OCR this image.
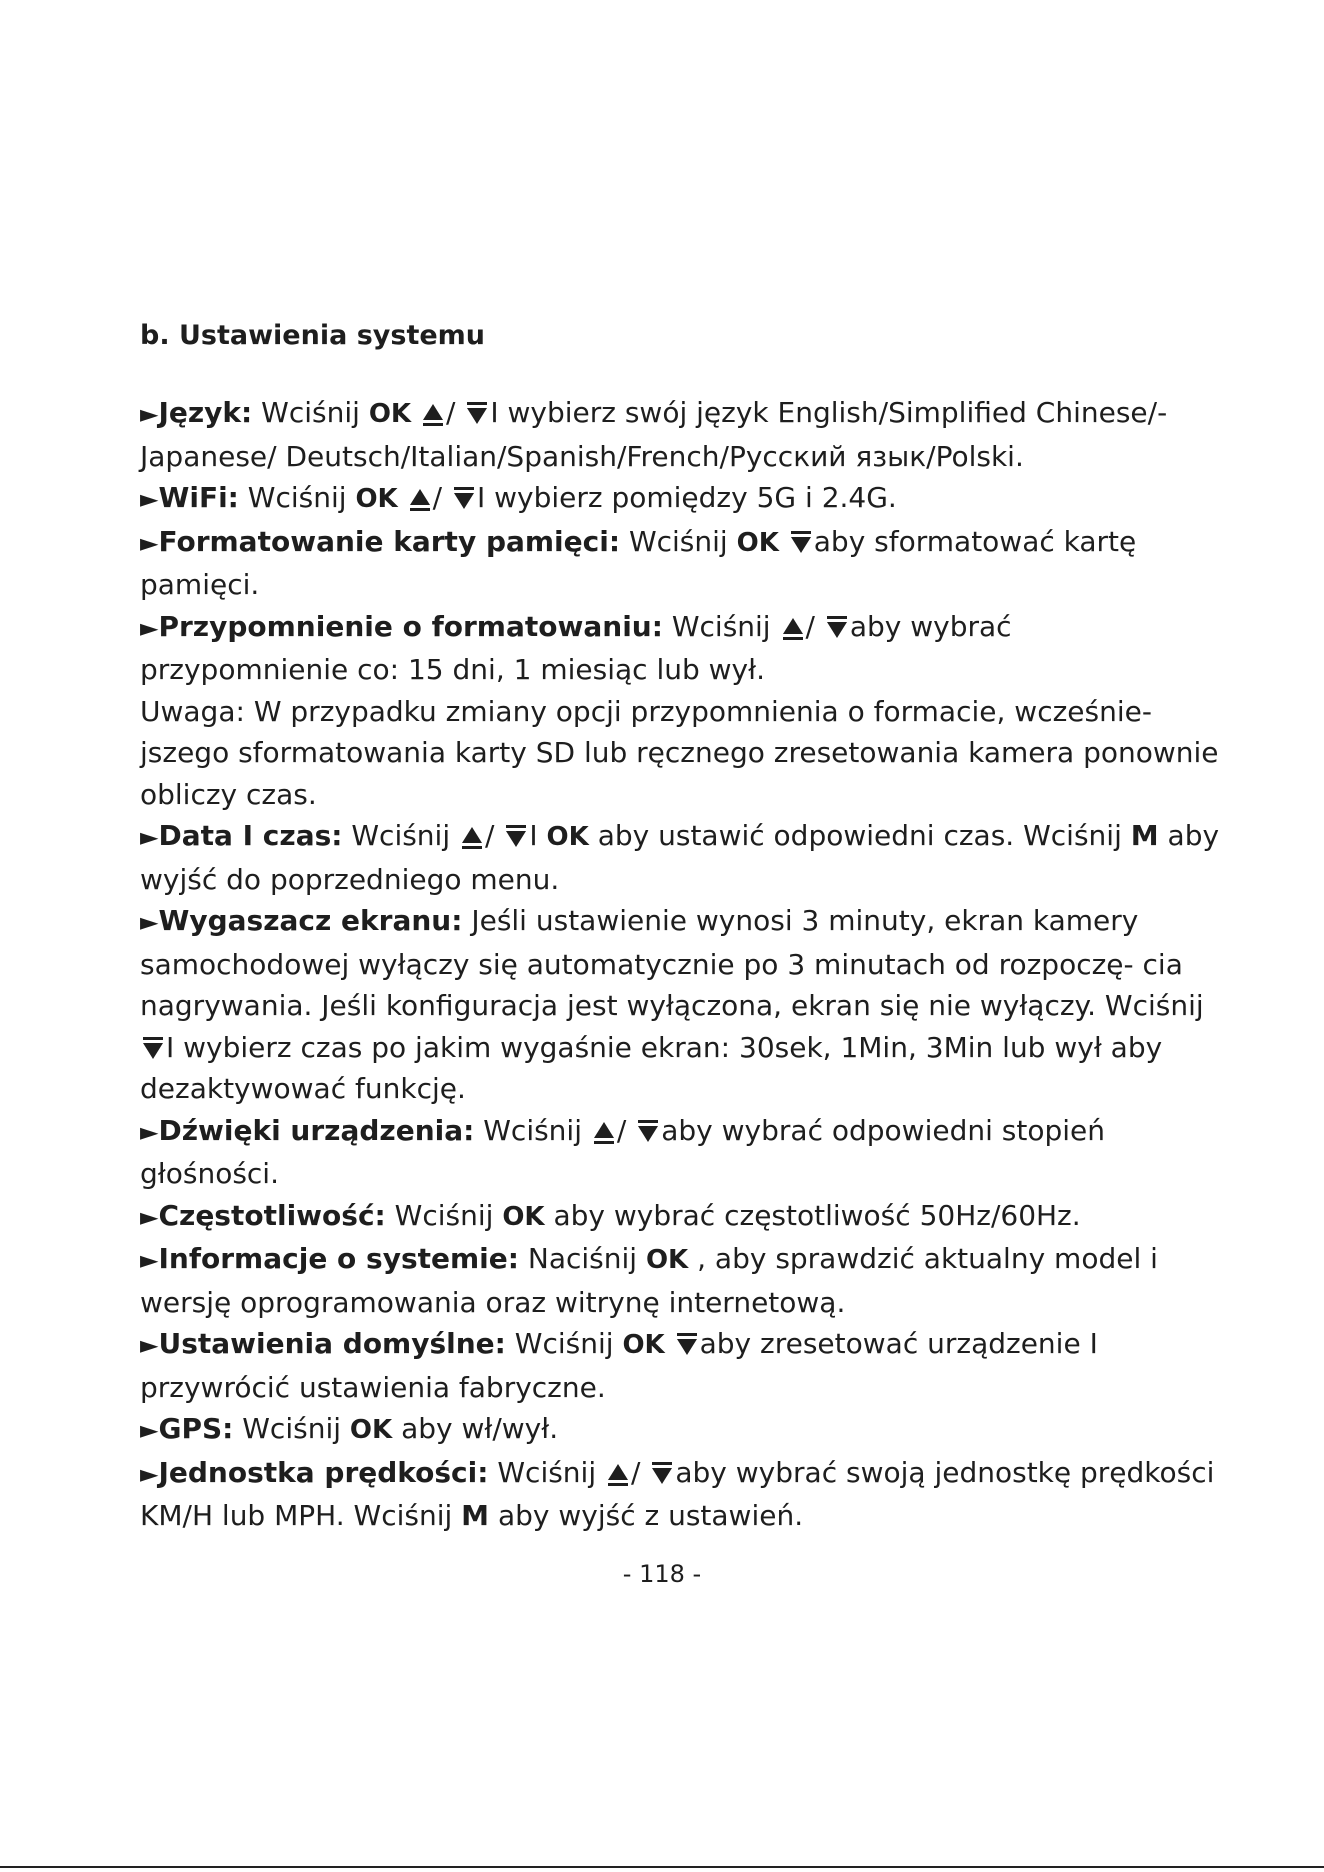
b. Ustawienia systemu

►Język: Wciśnij OK / I wybierz swój język English/Simplified Chinese/- Japanese/ Deutsch/Italian/Spanish/French/Русский язык/Polski.

►WiFi: Wciśnij OK / I wybierz pomiędzy 5G i 2.4G.

►Formatowanie karty pamięci: Wciśnij OK aby sformatować kartę pamięci.

►Przypomnienie o formatowaniu: Wciśnij / aby wybrać przypomnienie co: 15 dni, 1 miesiąc lub wył.

Uwaga: W przypadku zmiany opcji przypomnienia o formacie, wcześnie- jszego sformatowania karty SD lub ręcznego zresetowania kamera ponownie obliczy czas.

►Data I czas: Wciśnij / I OK aby ustawić odpowiedni czas. Wciśnij M aby wyjść do poprzedniego menu.

►Wygaszacz ekranu: Jeśli ustawienie wynosi 3 minuty, ekran kamery samochodowej wyłączy się automatycznie po 3 minutach od rozpoczę- cia nagrywania. Jeśli konfiguracja jest wyłączona, ekran się nie wyłączy. Wciśnij I wybierz czas po jakim wygaśnie ekran: 30sek, 1Min, 3Min lub wył aby dezaktywować funkcję.

►Dźwięki urządzenia: Wciśnij / aby wybrać odpowiedni stopień głośności.

►Częstotliwość: Wciśnij OK aby wybrać częstotliwość 50Hz/60Hz.

►Informacje o systemie: Naciśnij OK , aby sprawdzić aktualny model i wersję oprogramowania oraz witrynę internetową.

►Ustawienia domyślne: Wciśnij OK aby zresetować urządzenie I przywrócić ustawienia fabryczne.

►GPS: Wciśnij OK aby wł/wył.

►Jednostka prędkości: Wciśnij / aby wybrać swoją jednostkę prędkości KM/H lub MPH. Wciśnij M aby wyjść z ustawień.

- 118 -
